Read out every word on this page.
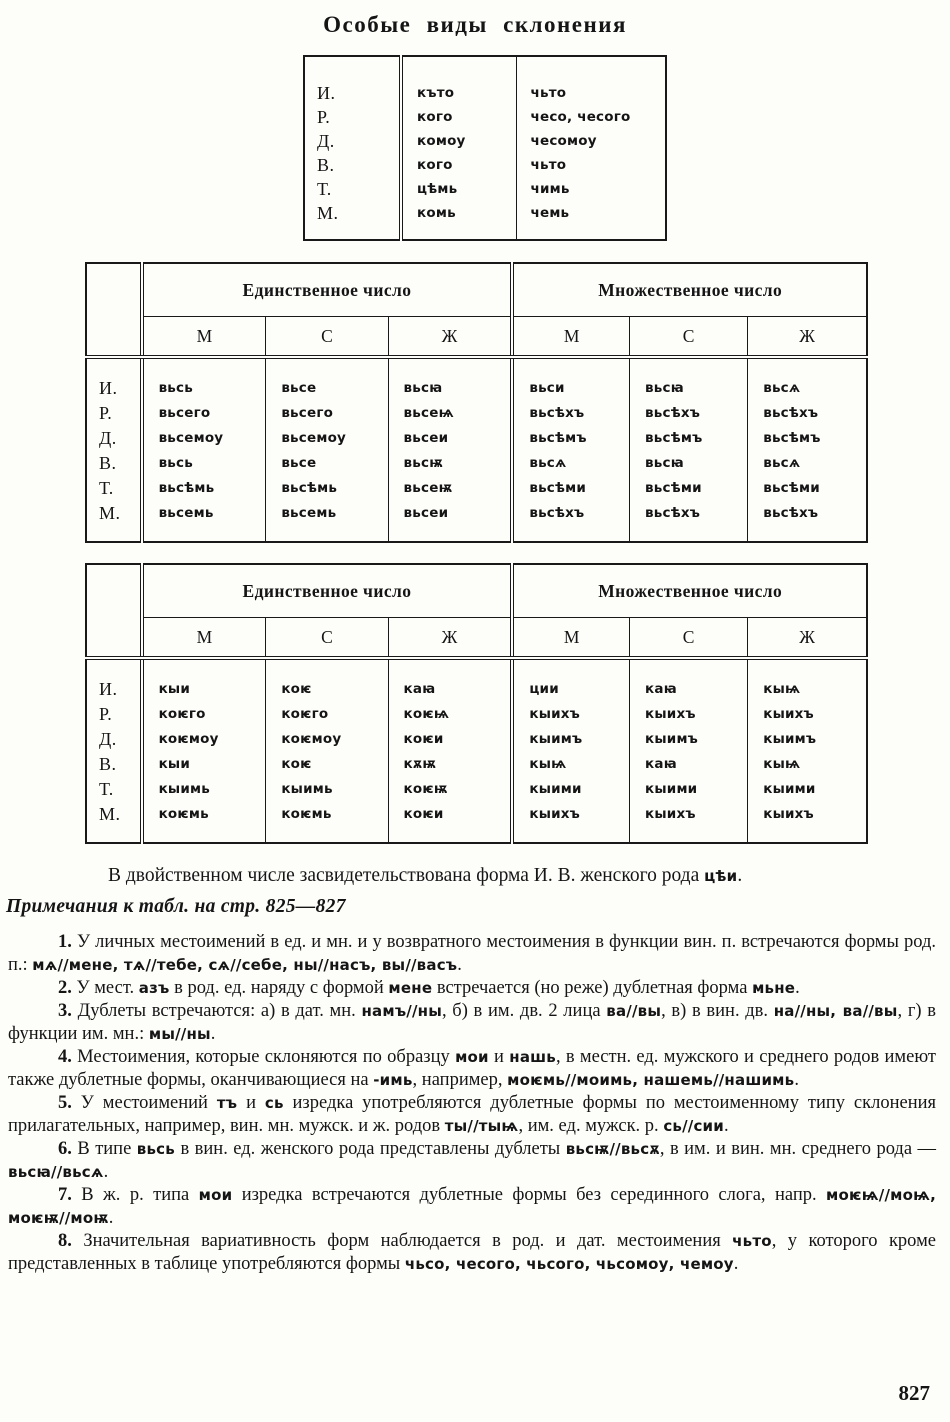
Особые виды склонения
И.	къто	чьто
Р.	кого	чесо, чесого
Д.	комоу	чесомоу
В.	кого	чьто
Т.	цѣмь	чимь
М.	комь	чемь
	Единственное число			Множественное число		
	М	С	Ж	М	С	Ж
И.	вьсь	вьсе	вьсꙗ	вьси	вьсꙗ	вьсѧ
Р.	вьсего	вьсего	вьсеѩ	вьсѣхъ	вьсѣхъ	вьсѣхъ
Д.	вьсемоу	вьсемоу	вьсеи	вьсѣмъ	вьсѣмъ	вьсѣмъ
В.	вьсь	вьсе	вьсѭ	вьсѧ	вьсꙗ	вьсѧ
Т.	вьсѣмь	вьсѣмь	вьсеѭ	вьсѣми	вьсѣми	вьсѣми
М.	вьсемь	вьсемь	вьсеи	вьсѣхъ	вьсѣхъ	вьсѣхъ
	Единственное число			Множественное число		
	М	С	Ж	М	С	Ж
И.	кыи	коѥ	каꙗ	ции	каꙗ	кыѩ
Р.	коѥго	коѥго	коѥѩ	кыихъ	кыихъ	кыихъ
Д.	коѥмоу	коѥмоу	коѥи	кыимъ	кыимъ	кыимъ
В.	кыи	коѥ	кѫѭ	кыѩ	каꙗ	кыѩ
Т.	кыимь	кыимь	коѥѭ	кыими	кыими	кыими
М.	коѥмь	коѥмь	коѥи	кыихъ	кыихъ	кыихъ

В двойственном числе засвидетельствована форма И. В. женского рода цѣи.

Примечания к табл. на стр. 825—827

1. У личных местоимений в ед. и мн. и у возвратного местоимения в функции вин. п. встречаются формы род. п.: мѧ//мене, тѧ//тебе, сѧ//себе, ны//насъ, вы//васъ.

2. У мест. азъ в род. ед. наряду с формой мене встречается (но реже) дублетная форма мьне.

3. Дублеты встречаются: а) в дат. мн. намъ//ны, б) в им. дв. 2 лица ва//вы, в) в вин. дв. на//ны, ва//вы, г) в функции им. мн.: мы//ны.

4. Местоимения, которые склоняются по образцу мои и нашь, в местн. ед. мужского и среднего родов имеют также дублетные формы, оканчивающиеся на -имь, например, моѥмь//моимь, нашемь//нашимь.

5. У местоимений тъ и сь изредка употребляются дублетные формы по местоименному типу склонения прилагательных, например, вин. мн. мужск. и ж. родов ты//тыѩ, им. ед. мужск. р. сь//сии.

6. В типе вьсь в вин. ед. женского рода представлены дублеты вьсѭ//вьсѫ, в им. и вин. мн. среднего рода — вьсꙗ//вьсѧ.

7. В ж. р. типа мои изредка встречаются дублетные формы без серединного слога, напр. моѥѩ//моѩ, моѥѭ//моѭ.

8. Значительная вариативность форм наблюдается в род. и дат. местоимения чьто, у которого кроме представленных в таблице употребляются формы чьсо, чесого, чьсого, чьсомоу, чемоу.

827
